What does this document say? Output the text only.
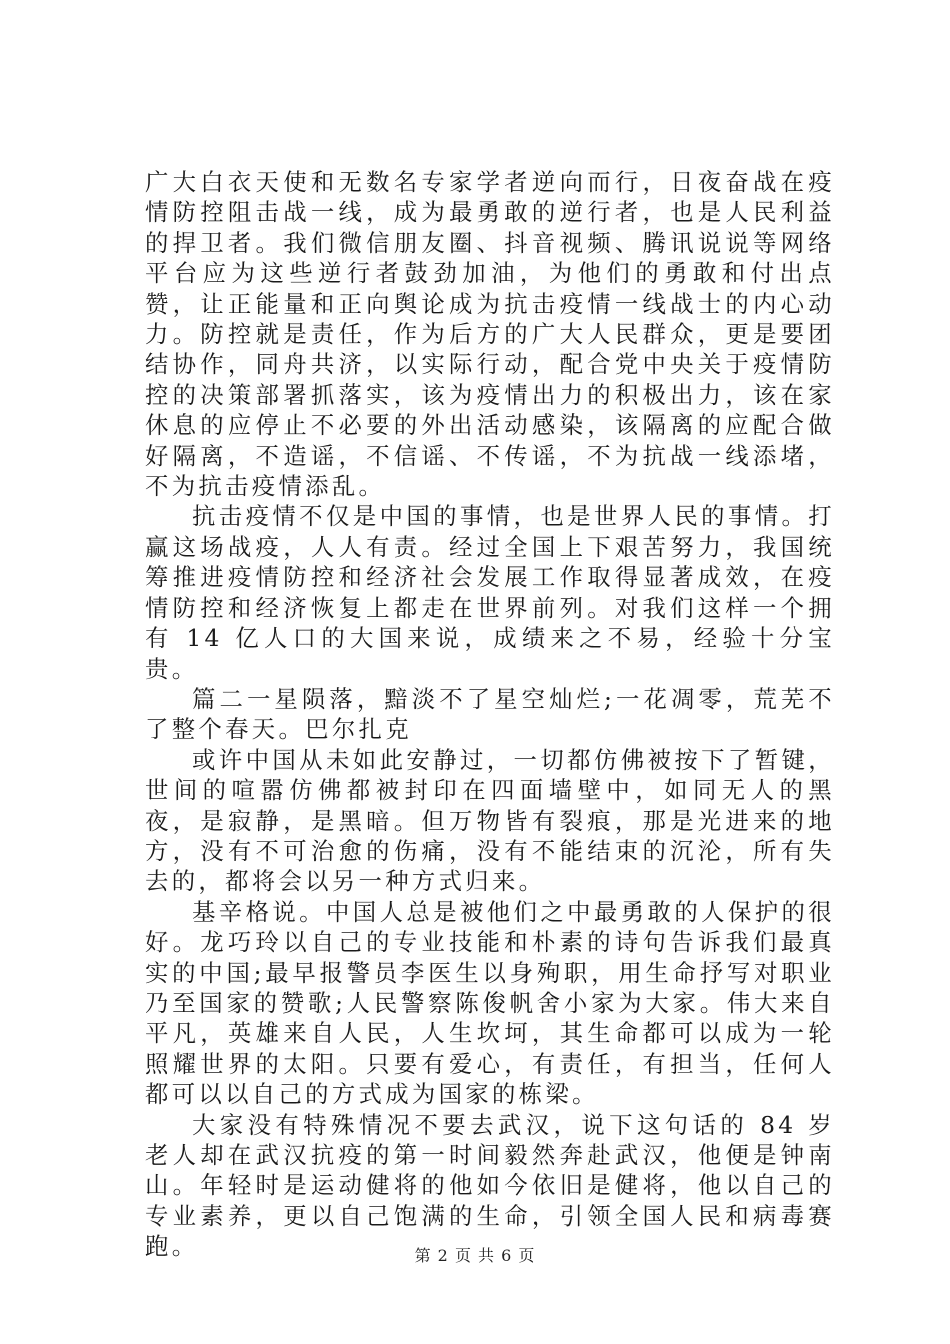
广大白衣天使和无数名专家学者逆向而行，日夜奋战在疫情防控阻击战一线，成为最勇敢的逆行者，也是人民利益的捍卫者。我们微信朋友圈、抖音视频、腾讯说说等网络平台应为这些逆行者鼓劲加油，为他们的勇敢和付出点赞，让正能量和正向舆论成为抗击疫情一线战士的内心动力。防控就是责任，作为后方的广大人民群众，更是要团结协作，同舟共济，以实际行动，配合党中央关于疫情防控的决策部署抓落实，该为疫情出力的积极出力，该在家休息的应停止不必要的外出活动感染，该隔离的应配合做好隔离，不造谣，不信谣、不传谣，不为抗战一线添堵，不为抗击疫情添乱。

抗击疫情不仅是中国的事情，也是世界人民的事情。打赢这场战疫，人人有责。经过全国上下艰苦努力，我国统筹推进疫情防控和经济社会发展工作取得显著成效，在疫情防控和经济恢复上都走在世界前列。对我们这样一个拥有 14 亿人口的大国来说，成绩来之不易，经验十分宝贵。

篇二一星陨落，黯淡不了星空灿烂;一花凋零，荒芜不了整个春天。巴尔扎克

或许中国从未如此安静过，一切都仿佛被按下了暂键，世间的喧嚣仿佛都被封印在四面墙壁中，如同无人的黑夜，是寂静，是黑暗。但万物皆有裂痕，那是光进来的地方，没有不可治愈的伤痛，没有不能结束的沉沦，所有失去的，都将会以另一种方式归来。

基辛格说。中国人总是被他们之中最勇敢的人保护的很好。龙巧玲以自己的专业技能和朴素的诗句告诉我们最真实的中国;最早报警员李医生以身殉职，用生命抒写对职业乃至国家的赞歌;人民警察陈俊帆舍小家为大家。伟大来自平凡，英雄来自人民，人生坎坷，其生命都可以成为一轮照耀世界的太阳。只要有爱心，有责任，有担当，任何人都可以以自己的方式成为国家的栋梁。

大家没有特殊情况不要去武汉，说下这句话的 84 岁老人却在武汉抗疫的第一时间毅然奔赴武汉，他便是钟南山。年轻时是运动健将的他如今依旧是健将，他以自己的专业素养，更以自己饱满的生命，引领全国人民和病毒赛跑。	第 2 页 共 6 页
